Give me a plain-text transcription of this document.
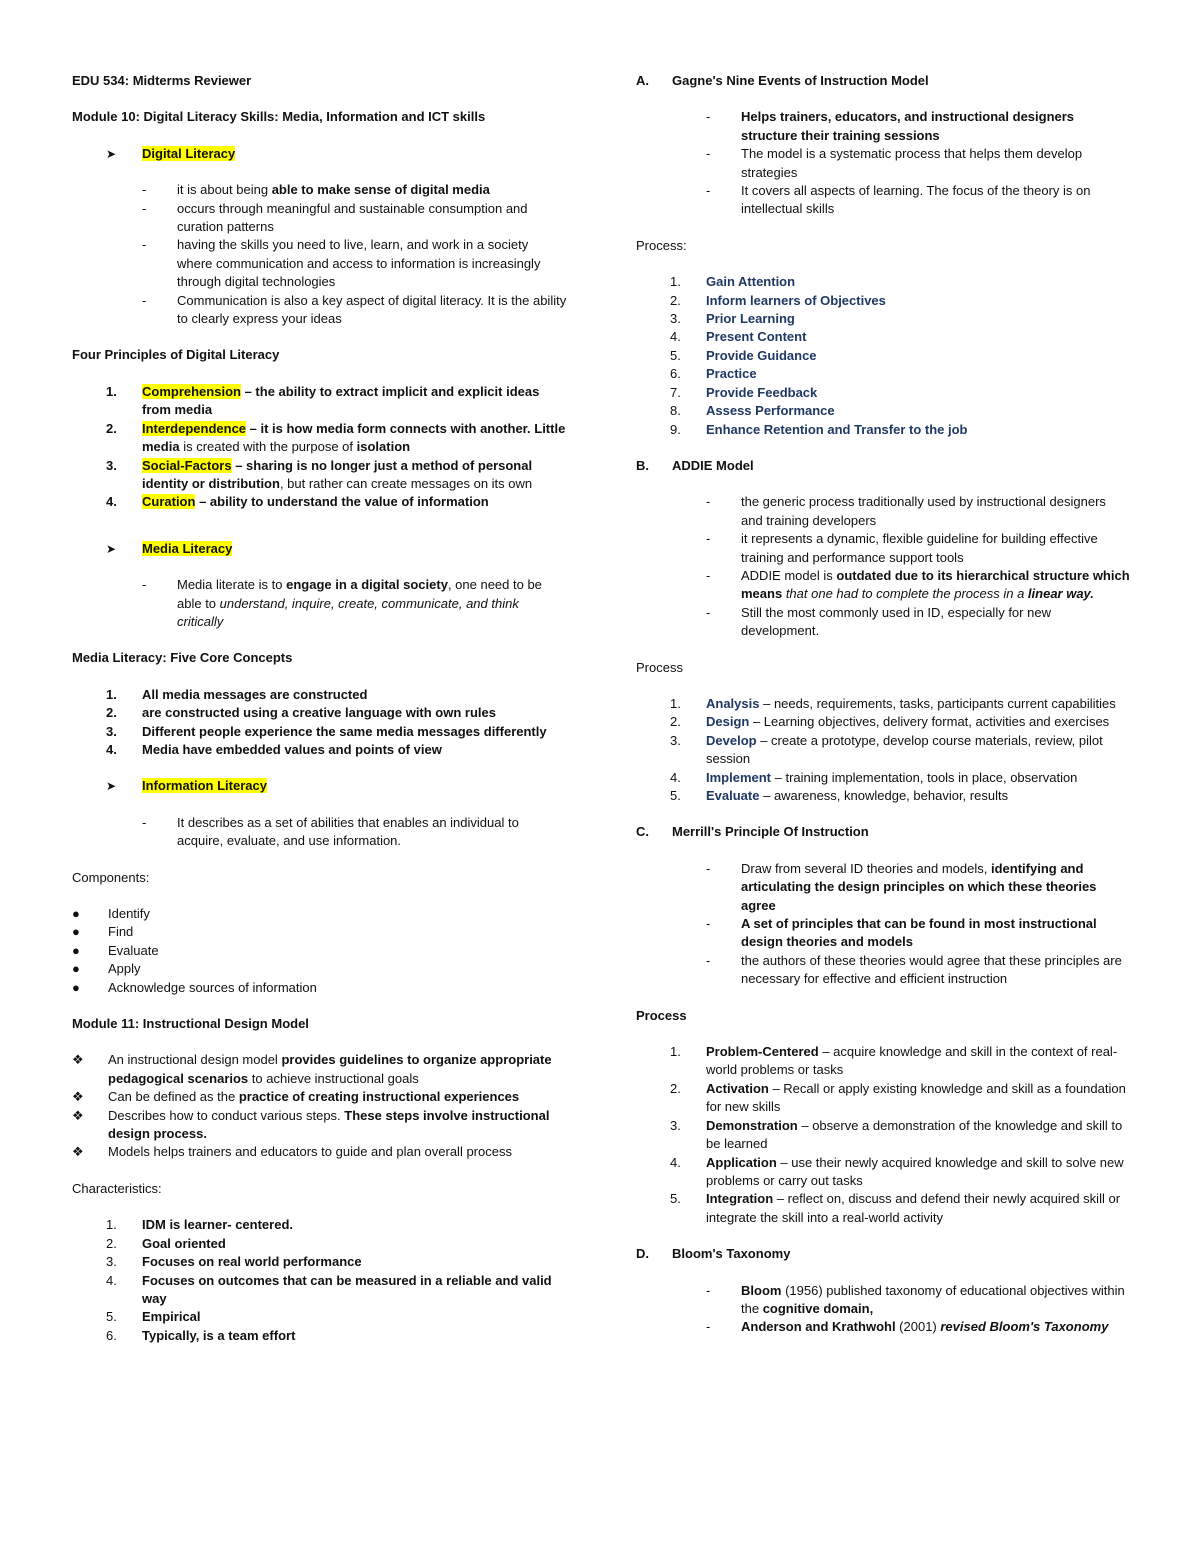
EDU 534: Midterms Reviewer

Module 10: Digital Literacy Skills: Media, Information and ICT skills

➤	Digital Literacy
-	it is about being able to make sense of digital media
-	occurs through meaningful and sustainable consumption and curation patterns
-	having the skills you need to live, learn, and work in a society where communication and access to information is increasingly through digital technologies
-	Communication is also a key aspect of digital literacy. It is the ability to clearly express your ideas

Four Principles of Digital Literacy

1.	Comprehension – the ability to extract implicit and explicit ideas from media
2.	Interdependence – it is how media form connects with another. Little media is created with the purpose of isolation
3.	Social-Factors – sharing is no longer just a method of personal identity or distribution, but rather can create messages on its own
4.	Curation – ability to understand the value of information
➤	Media Literacy
-	Media literate is to engage in a digital society, one need to be able to understand, inquire, create, communicate, and think critically

Media Literacy: Five Core Concepts

1.	All media messages are constructed
2.	are constructed using a creative language with own rules
3.	Different people experience the same media messages differently
4.	Media have embedded values and points of view
➤	Information Literacy
-	It describes as a set of abilities that enables an individual to acquire, evaluate, and use information.

Components:

●	Identify
●	Find
●	Evaluate
●	Apply
●	Acknowledge sources of information

Module 11: Instructional Design Model

❖	An instructional design model provides guidelines to organize appropriate pedagogical scenarios to achieve instructional goals
❖	Can be defined as the practice of creating instructional experiences
❖	Describes how to conduct various steps. These steps involve instructional design process.
❖	Models helps trainers and educators to guide and plan overall process

Characteristics:

1.	IDM is learner- centered.
2.	Goal oriented
3.	Focuses on real world performance
4.	Focuses on outcomes that can be measured in a reliable and valid way
5.	Empirical
6.	Typically, is a team effort
A.	Gagne's Nine Events of Instruction Model
-	Helps trainers, educators, and instructional designers structure their training sessions
-	The model is a systematic process that helps them develop strategies
-	It covers all aspects of learning. The focus of the theory is on intellectual skills

Process:

1.	Gain Attention
2.	Inform learners of Objectives
3.	Prior Learning
4.	Present Content
5.	Provide Guidance
6.	Practice
7.	Provide Feedback
8.	Assess Performance
9.	Enhance Retention and Transfer to the job
B.	ADDIE Model
-	the generic process traditionally used by instructional designers and training developers
-	it represents a dynamic, flexible guideline for building effective training and performance support tools
-	ADDIE model is outdated due to its hierarchical structure which means that one had to complete the process in a linear way.
-	Still the most commonly used in ID, especially for new development.

Process

1.	Analysis – needs, requirements, tasks, participants current capabilities
2.	Design – Learning objectives, delivery format, activities and exercises
3.	Develop – create a prototype, develop course materials, review, pilot session
4.	Implement – training implementation, tools in place, observation
5.	Evaluate – awareness, knowledge, behavior, results
C.	Merrill's Principle Of Instruction
-	Draw from several ID theories and models, identifying and articulating the design principles on which these theories agree
-	A set of principles that can be found in most instructional design theories and models
-	the authors of these theories would agree that these principles are necessary for effective and efficient instruction

Process

1.	Problem-Centered – acquire knowledge and skill in the context of real-world problems or tasks
2.	Activation – Recall or apply existing knowledge and skill as a foundation for new skills
3.	Demonstration – observe a demonstration of the knowledge and skill to be learned
4.	Application – use their newly acquired knowledge and skill to solve new problems or carry out tasks
5.	Integration – reflect on, discuss and defend their newly acquired skill or integrate the skill into a real-world activity
D.	Bloom's Taxonomy
-	Bloom (1956) published taxonomy of educational objectives within the cognitive domain,
-	Anderson and Krathwohl (2001) revised Bloom's Taxonomy
